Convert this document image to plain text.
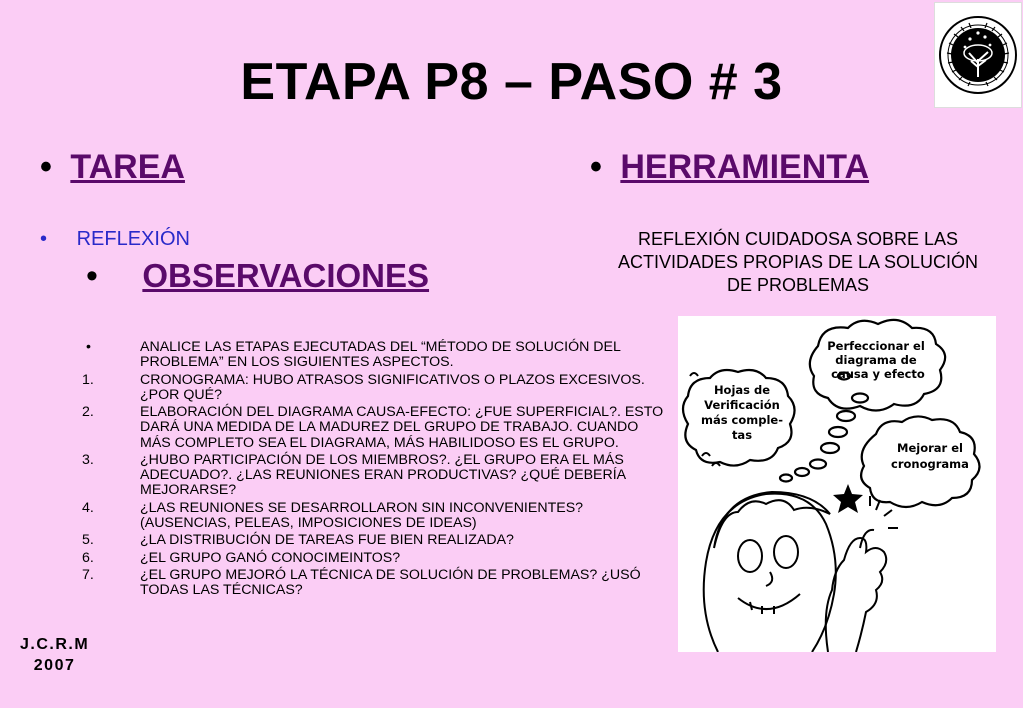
ETAPA P8 – PASO # 3
• TAREA
• REFLEXIÓN
• OBSERVACIONES
•	ANALICE LAS ETAPAS EJECUTADAS DEL “MÉTODO DE SOLUCIÓN DEL PROBLEMA” EN LOS SIGUIENTES ASPECTOS.
1.	CRONOGRAMA: HUBO ATRASOS SIGNIFICATIVOS O PLAZOS EXCESIVOS. ¿POR QUÉ?
2.	ELABORACIÓN DEL DIAGRAMA CAUSA-EFECTO: ¿FUE SUPERFICIAL?. ESTO DARÁ UNA MEDIDA DE LA MADUREZ DEL GRUPO DE TRABAJO. CUANDO MÁS COMPLETO SEA EL DIAGRAMA, MÁS HABILIDOSO ES EL GRUPO.
3.	¿HUBO PARTICIPACIÓN DE LOS MIEMBROS?. ¿EL GRUPO ERA EL MÁS ADECUADO?. ¿LAS REUNIONES ERAN PRODUCTIVAS? ¿QUÉ DEBERÍA MEJORARSE?
4.	¿LAS REUNIONES SE DESARROLLARON SIN INCONVENIENTES? (AUSENCIAS, PELEAS, IMPOSICIONES DE IDEAS)
5.	¿LA DISTRIBUCIÓN DE TAREAS FUE BIEN REALIZADA?
6.	¿EL GRUPO GANÓ CONOCIMEINTOS?
7.	¿EL GRUPO MEJORÓ LA TÉCNICA DE SOLUCIÓN DE PROBLEMAS? ¿USÓ TODAS LAS TÉCNICAS?
• HERRAMIENTA
REFLEXIÓN CUIDADOSA SOBRE LAS ACTIVIDADES PROPIAS DE LA SOLUCIÓN DE PROBLEMAS
Perfeccionar el
diagrama de
causa y efecto
Hojas de
Verificación
más comple-
tas
Mejorar el
cronograma
J.C.R.M
2007
